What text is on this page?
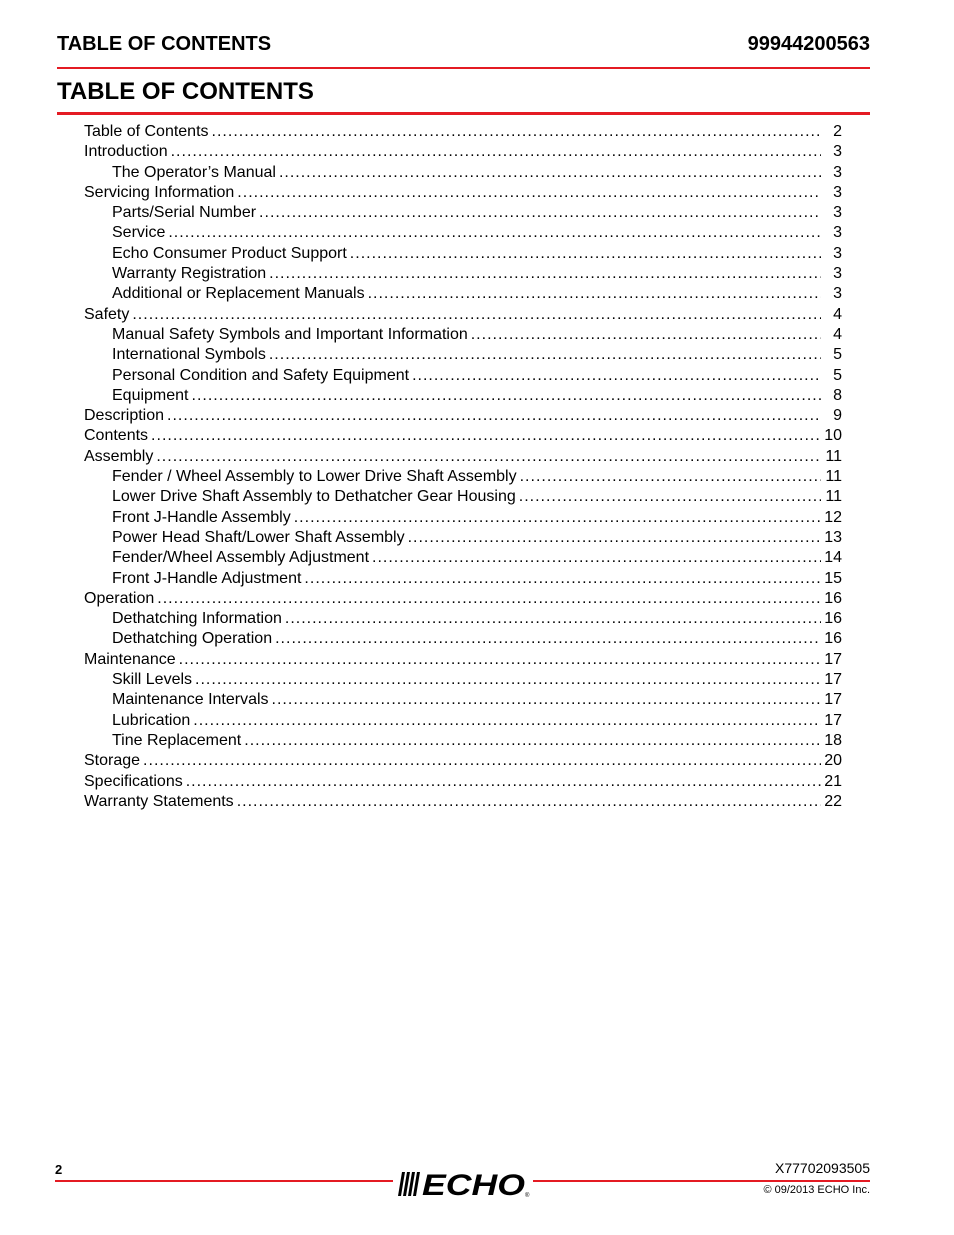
TABLE OF CONTENTS	99944200563
TABLE OF CONTENTS
Table of Contents .....	2
Introduction .....	3
The Operator’s Manual .....	3
Servicing Information .....	3
Parts/Serial Number .....	3
Service .....	3
Echo Consumer Product Support .....	3
Warranty Registration .....	3
Additional or Replacement Manuals .....	3
Safety .....	4
Manual Safety Symbols and Important Information .....	4
International Symbols .....	5
Personal Condition and Safety Equipment .....	5
Equipment .....	8
Description .....	9
Contents .....	10
Assembly .....	11
Fender / Wheel Assembly to Lower Drive Shaft Assembly .....	11
Lower Drive Shaft Assembly to Dethatcher Gear Housing .....	11
Front J-Handle Assembly .....	12
Power Head Shaft/Lower Shaft Assembly .....	13
Fender/Wheel Assembly Adjustment .....	14
Front J-Handle Adjustment .....	15
Operation .....	16
Dethatching Information .....	16
Dethatching Operation .....	16
Maintenance .....	17
Skill Levels .....	17
Maintenance Intervals .....	17
Lubrication .....	17
Tine Replacement .....	18
Storage .....	20
Specifications .....	21
Warranty Statements .....	22
2	ECHO ®
X77702093505
© 09/2013 ECHO Inc.
